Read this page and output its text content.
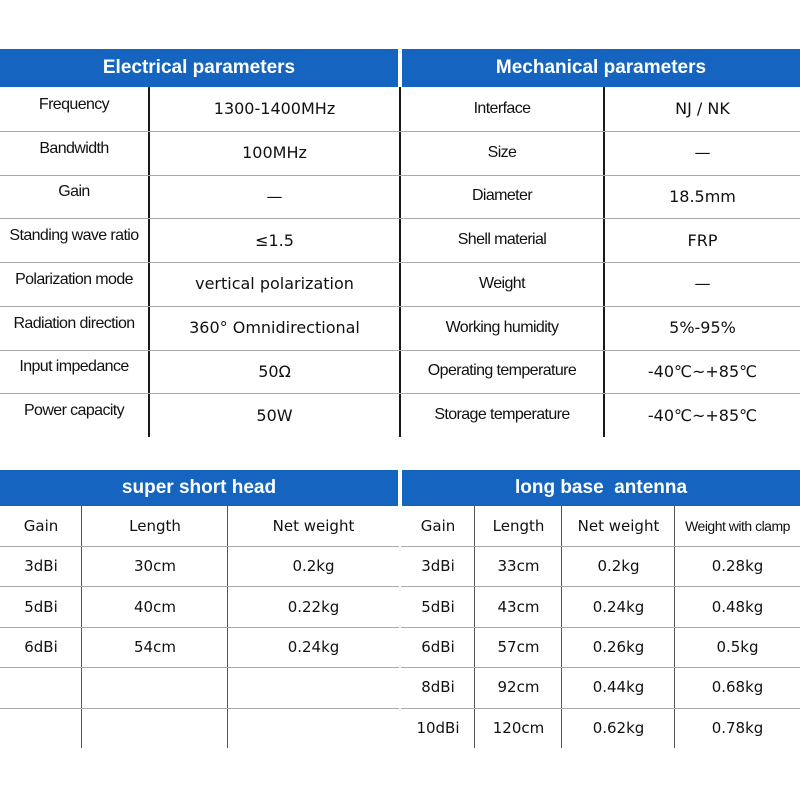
Electrical parameters	Mechanical parameters
Frequency	1300-1400MHz	Interface	NJ / NK
Bandwidth	100MHz	Size	—
Gain	—	Diameter	18.5mm
Standing wave ratio	≤1.5	Shell material	FRP
Polarization mode	vertical polarization	Weight	—
Radiation direction	360° Omnidirectional	Working humidity	5%-95%
Input impedance	50Ω	Operating temperature	-40℃~+85℃
Power capacity	50W	Storage temperature	-40℃~+85℃
super short head	long base  antenna
Gain	Length	Net weight
3dBi	30cm	0.2kg
5dBi	40cm	0.22kg
6dBi	54cm	0.24kg
Gain	Length	Net weight	Weight with clamp
3dBi	33cm	0.2kg	0.28kg
5dBi	43cm	0.24kg	0.48kg
6dBi	57cm	0.26kg	0.5kg
8dBi	92cm	0.44kg	0.68kg
10dBi	120cm	0.62kg	0.78kg
